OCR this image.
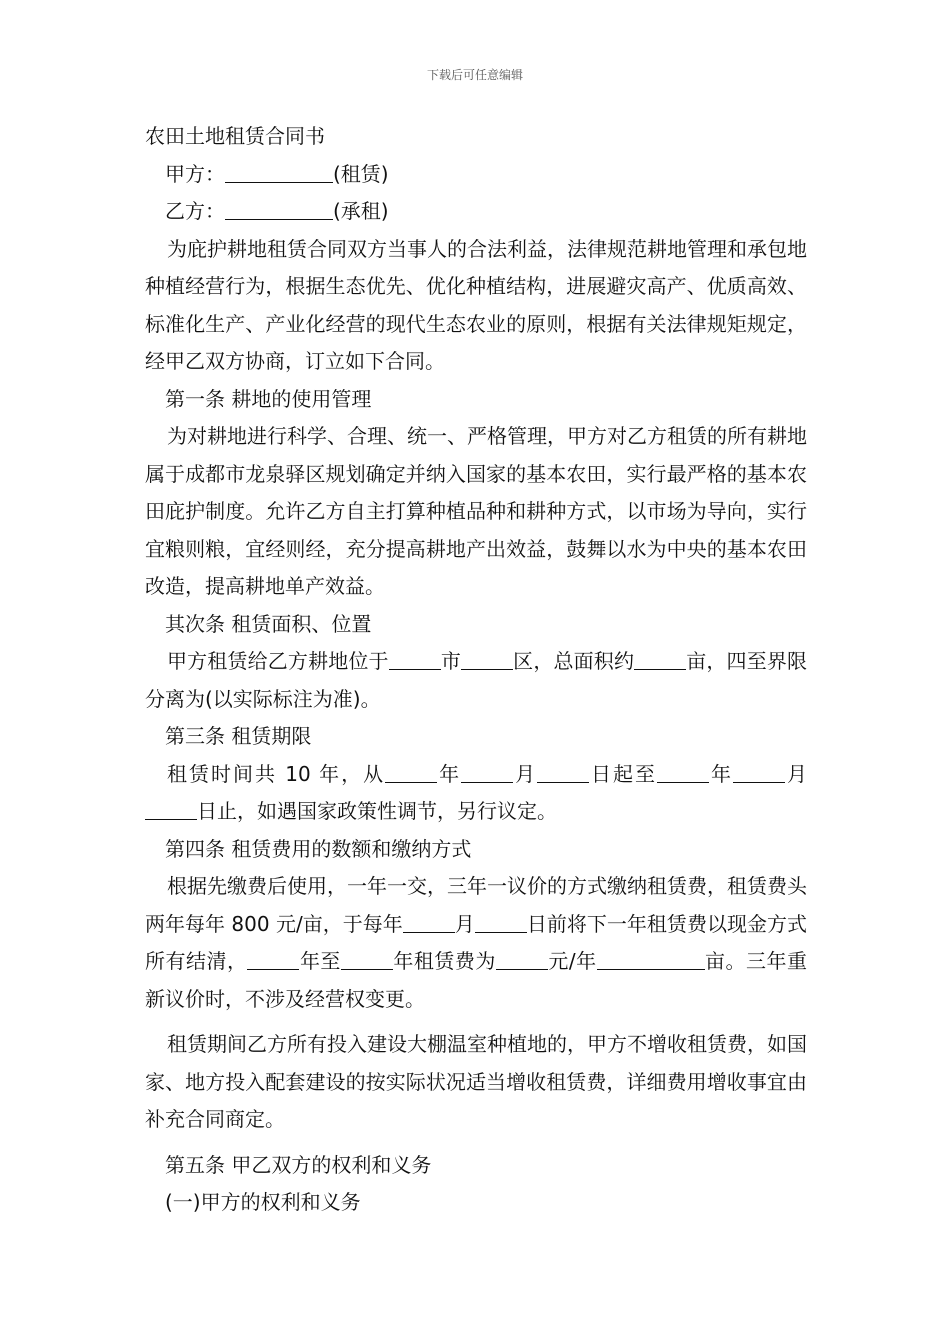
下载后可任意编辑

农田土地租赁合同书

甲方：	(租赁)

乙方：	(承租)

为庇护耕地租赁合同双方当事人的合法利益，法律规范耕地管理和承包地种植经营行为，根据生态优先、优化种植结构，进展避灾高产、优质高效、标准化生产、产业化经营的现代生态农业的原则，根据有关法律规矩规定，经甲乙双方协商，订立如下合同。

第一条 耕地的使用管理

为对耕地进行科学、合理、统一、严格管理，甲方对乙方租赁的所有耕地属于成都市龙泉驿区规划确定并纳入国家的基本农田，实行最严格的基本农田庇护制度。允许乙方自主打算种植品种和耕种方式，以市场为导向，实行宜粮则粮，宜经则经，充分提高耕地产出效益，鼓舞以水为中央的基本农田改造，提高耕地单产效益。

其次条 租赁面积、位置

甲方租赁给乙方耕地位于	市	区，总面积约	亩，四至界限分离为(以实际标注为准)。

第三条 租赁期限

租赁时间共 10 年，从	年	月	日起至	年	月日止，如遇国家政策性调节，另行议定。

第四条 租赁费用的数额和缴纳方式

根据先缴费后使用，一年一交，三年一议价的方式缴纳租赁费，租赁费头两年每年 800 元/亩，于每年	月	日前将下一年租赁费以现金方式所有结清，	年至	年租赁费为	元/年	亩。三年重新议价时，不涉及经营权变更。

租赁期间乙方所有投入建设大棚温室种植地的，甲方不增收租赁费，如国家、地方投入配套建设的按实际状况适当增收租赁费，详细费用增收事宜由补充合同商定。

第五条 甲乙双方的权利和义务

(一)甲方的权利和义务
